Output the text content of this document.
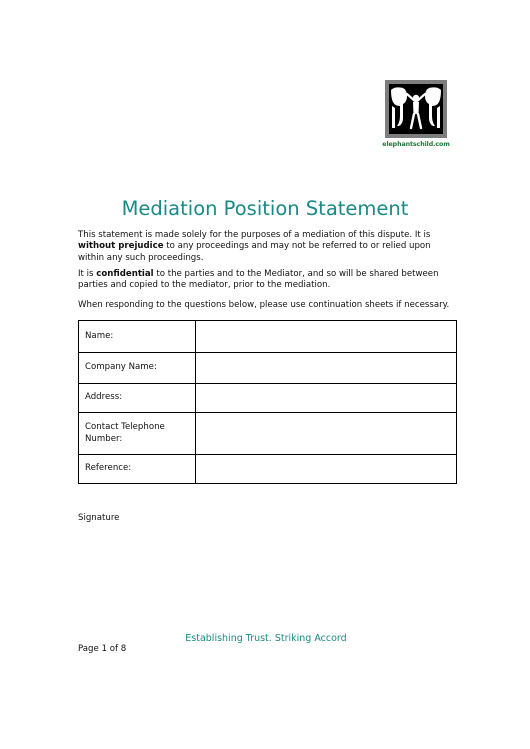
elephantschild.com
Mediation Position Statement

This statement is made solely for the purposes of a mediation of this dispute. It is without prejudice to any proceedings and may not be referred to or relied upon within any such proceedings.

It is confidential to the parties and to the Mediator, and so will be shared between parties and copied to the mediator, prior to the mediation.

When responding to the questions below, please use continuation sheets if necessary.

Name:	
Company Name:	
Address:	
Contact Telephone Number:	
Reference:	
Signature
Establishing Trust. Striking Accord
Page 1 of 8
